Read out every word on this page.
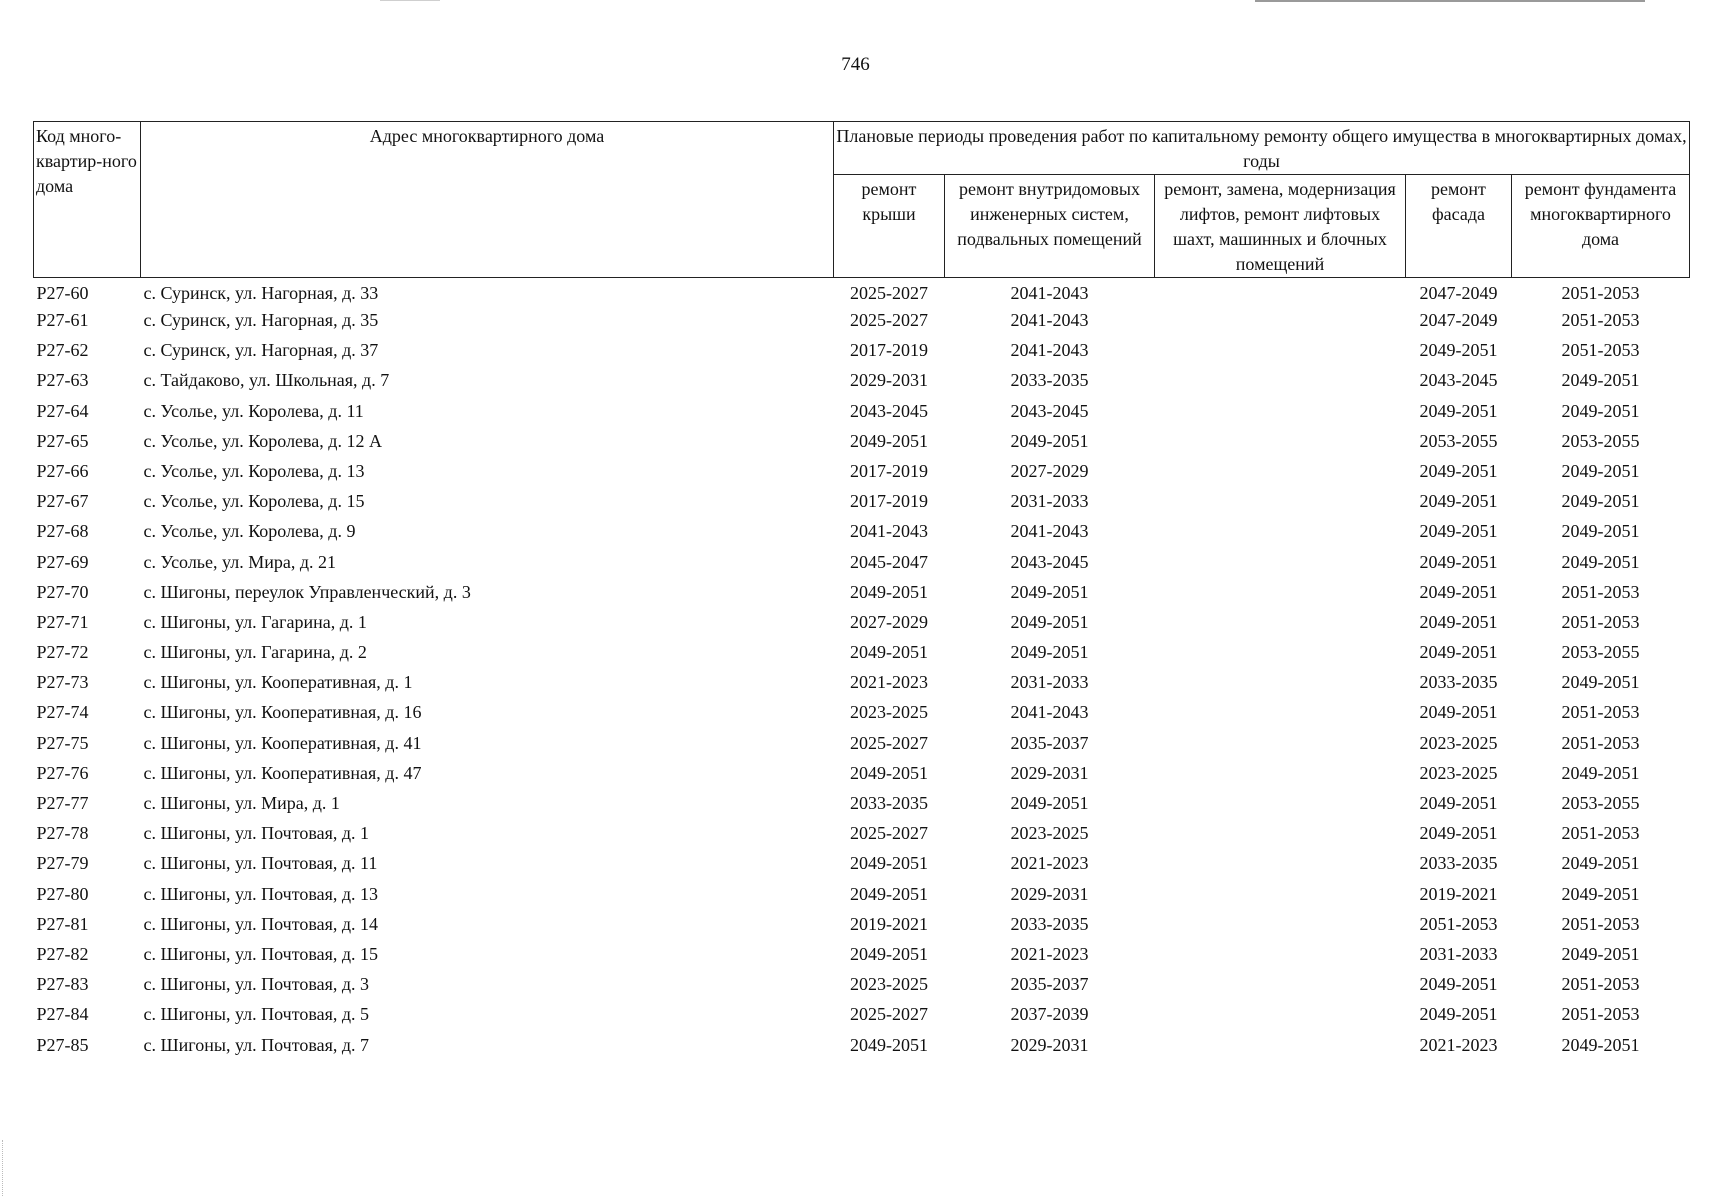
746
Код много-квартир-ного дома	Адрес многоквартирного дома	Плановые периоды проведения работ по капитальному ремонту общего имущества в многоквартирных домах, годы				
		ремонт крыши	ремонт внутридомовых инженерных систем, подвальных помещений	ремонт, замена, модернизация лифтов, ремонт лифтовых шахт, машинных и блочных помещений	ремонт фасада	ремонт фундамента многоквартирного дома
Р27-60	с. Суринск, ул. Нагорная, д. 33	2025-2027	2041-2043		2047-2049	2051-2053
Р27-61	с. Суринск, ул. Нагорная, д. 35	2025-2027	2041-2043		2047-2049	2051-2053
Р27-62	с. Суринск, ул. Нагорная, д. 37	2017-2019	2041-2043		2049-2051	2051-2053
Р27-63	с. Тайдаково, ул. Школьная, д. 7	2029-2031	2033-2035		2043-2045	2049-2051
Р27-64	с. Усолье, ул. Королева, д. 11	2043-2045	2043-2045		2049-2051	2049-2051
Р27-65	с. Усолье, ул. Королева, д. 12 А	2049-2051	2049-2051		2053-2055	2053-2055
Р27-66	с. Усолье, ул. Королева, д. 13	2017-2019	2027-2029		2049-2051	2049-2051
Р27-67	с. Усолье, ул. Королева, д. 15	2017-2019	2031-2033		2049-2051	2049-2051
Р27-68	с. Усолье, ул. Королева, д. 9	2041-2043	2041-2043		2049-2051	2049-2051
Р27-69	с. Усолье, ул. Мира, д. 21	2045-2047	2043-2045		2049-2051	2049-2051
Р27-70	с. Шигоны, переулок Управленческий, д. 3	2049-2051	2049-2051		2049-2051	2051-2053
Р27-71	с. Шигоны, ул. Гагарина, д. 1	2027-2029	2049-2051		2049-2051	2051-2053
Р27-72	с. Шигоны, ул. Гагарина, д. 2	2049-2051	2049-2051		2049-2051	2053-2055
Р27-73	с. Шигоны, ул. Кооперативная, д. 1	2021-2023	2031-2033		2033-2035	2049-2051
Р27-74	с. Шигоны, ул. Кооперативная, д. 16	2023-2025	2041-2043		2049-2051	2051-2053
Р27-75	с. Шигоны, ул. Кооперативная, д. 41	2025-2027	2035-2037		2023-2025	2051-2053
Р27-76	с. Шигоны, ул. Кооперативная, д. 47	2049-2051	2029-2031		2023-2025	2049-2051
Р27-77	с. Шигоны, ул. Мира, д. 1	2033-2035	2049-2051		2049-2051	2053-2055
Р27-78	с. Шигоны, ул. Почтовая, д. 1	2025-2027	2023-2025		2049-2051	2051-2053
Р27-79	с. Шигоны, ул. Почтовая, д. 11	2049-2051	2021-2023		2033-2035	2049-2051
Р27-80	с. Шигоны, ул. Почтовая, д. 13	2049-2051	2029-2031		2019-2021	2049-2051
Р27-81	с. Шигоны, ул. Почтовая, д. 14	2019-2021	2033-2035		2051-2053	2051-2053
Р27-82	с. Шигоны, ул. Почтовая, д. 15	2049-2051	2021-2023		2031-2033	2049-2051
Р27-83	с. Шигоны, ул. Почтовая, д. 3	2023-2025	2035-2037		2049-2051	2051-2053
Р27-84	с. Шигоны, ул. Почтовая, д. 5	2025-2027	2037-2039		2049-2051	2051-2053
Р27-85	с. Шигоны, ул. Почтовая, д. 7	2049-2051	2029-2031		2021-2023	2049-2051
